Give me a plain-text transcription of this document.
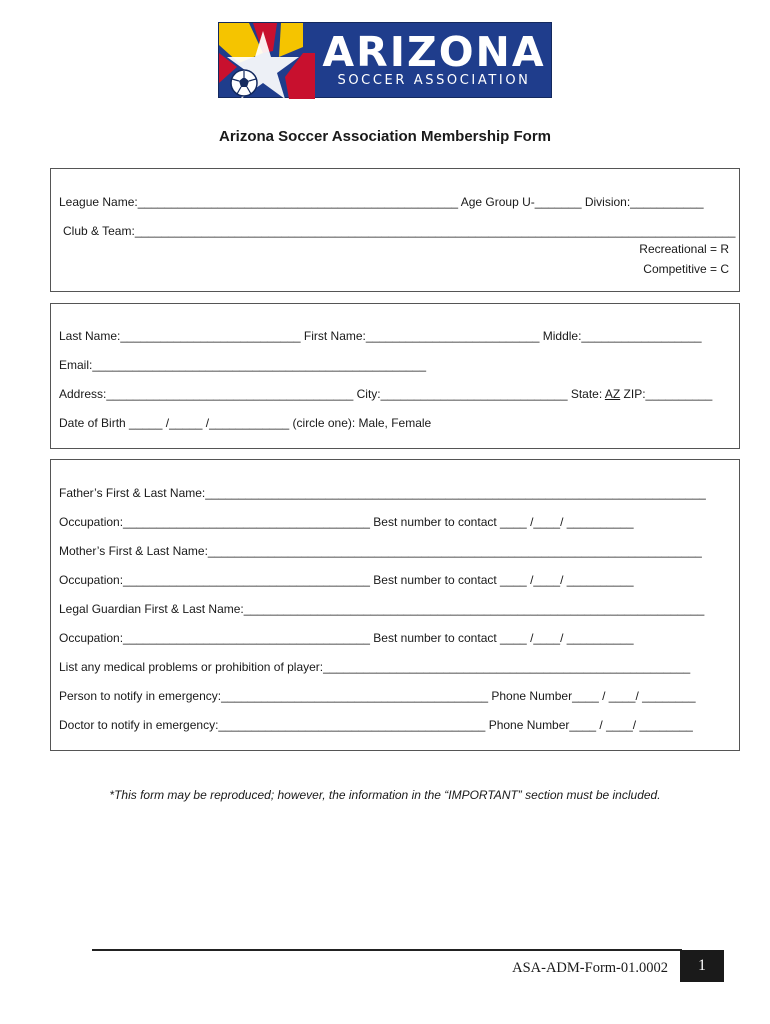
ARIZONA
SOCCER ASSOCIATION
Arizona Soccer Association Membership Form
League Name:________________________________________________ Age Group U-_______ Division:___________
Club & Team:__________________________________________________________________________________________
Recreational = R
Competitive = C
Last Name:___________________________ First Name:__________________________ Middle:__________________
Email:__________________________________________________
Address:_____________________________________ City:____________________________ State: AZ ZIP:__________
Date of Birth _____ /_____ /____________ (circle one): Male, Female
Father’s First & Last Name:___________________________________________________________________________
Occupation:_____________________________________ Best number to contact ____ /____/ __________
Mother’s First & Last Name:__________________________________________________________________________
Occupation:_____________________________________ Best number to contact ____ /____/ __________
Legal Guardian First & Last Name:_____________________________________________________________________
Occupation:_____________________________________ Best number to contact ____ /____/ __________
List any medical problems or prohibition of player:_______________________________________________________
Person to notify in emergency:________________________________________ Phone Number____ / ____/ ________
Doctor to notify in emergency:________________________________________ Phone Number____ / ____/ ________
*This form may be reproduced; however, the information in the “IMPORTANT” section must be included.
ASA-ADM-Form-01.0002	1
